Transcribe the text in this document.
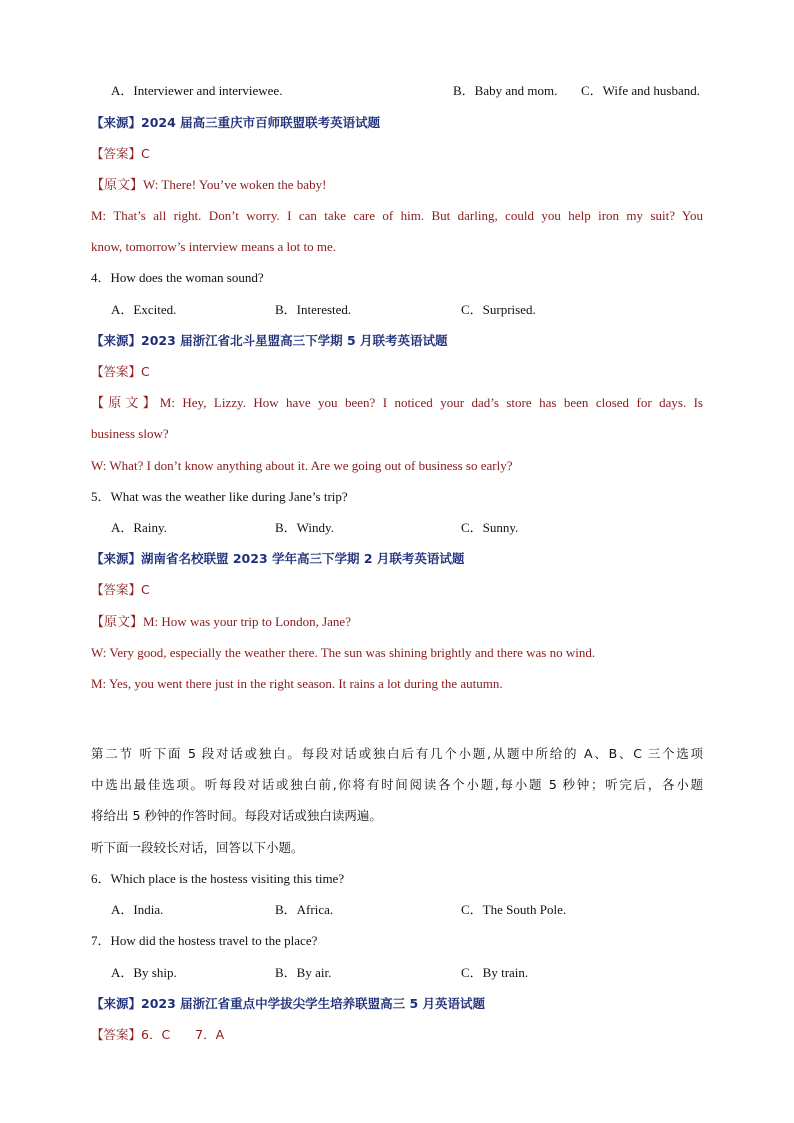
A．Interviewer and interviewee.	B．Baby and mom. C．Wife and husband.
【来源】2024 届高三重庆市百师联盟联考英语试题
【答案】C
【原文】W: There! You’ve woken the baby!
M: That’s all right. Don’t worry. I can take care of him. But darling, could you help iron my suit? You
know, tomorrow’s interview means a lot to me.
4．How does the woman sound?
A．Excited.	B．Interested.	C．Surprised.
【来源】2023 届浙江省北斗星盟高三下学期 5 月联考英语试题
【答案】C
【原文】M: Hey, Lizzy. How have you been? I noticed your dad’s store has been closed for days. Is
business slow?
W: What? I don’t know anything about it. Are we going out of business so early?
5．What was the weather like during Jane’s trip?
A．Rainy.	B．Windy.	C．Sunny.
【来源】湖南省名校联盟 2023 学年高三下学期 2 月联考英语试题
【答案】C
【原文】M: How was your trip to London, Jane?
W: Very good, especially the weather there. The sun was shining brightly and there was no wind.
M: Yes, you went there just in the right season. It rains a lot during the autumn.
第二节 听下面 5 段对话或独白。每段对话或独白后有几个小题,从题中所给的 A、B、C 三个选项
中选出最佳选项。听每段对话或独白前,你将有时间阅读各个小题,每小题 5 秒钟；听完后，各小题
将给出 5 秒钟的作答时间。每段对话或独白读两遍。
听下面一段较长对话，回答以下小题。
6．Which place is the hostess visiting this time?
A．India.	B．Africa.	C．The South Pole.
7．How did the hostess travel to the place?
A．By ship.	B．By air.	C．By train.
【来源】2023 届浙江省重点中学拔尖学生培养联盟高三 5 月英语试题
【答案】6．C　　7．A
